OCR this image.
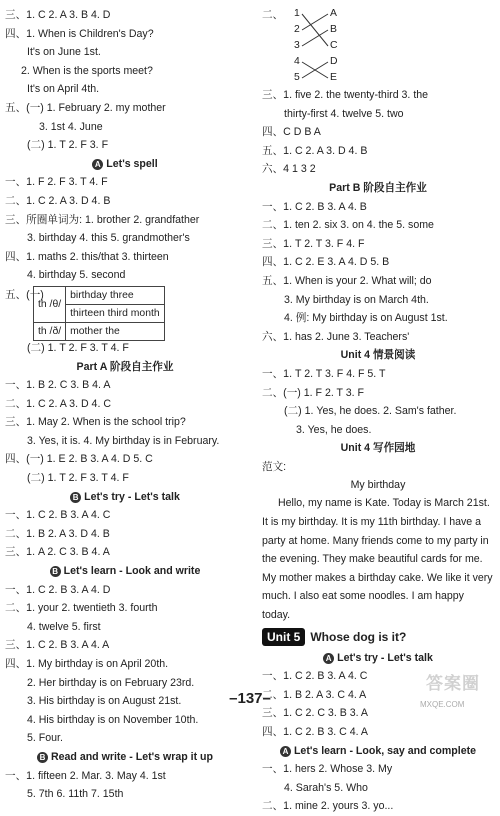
三、1. C 2. A 3. B 4. D
四、1. When is Children's Day?
It's on June 1st.
2. When is the sports meet?
It's on April 4th.
五、(一) 1. February 2. my mother
3. 1st 4. June
(二) 1. T 2. F 3. F
A Let's spell
一、1. F 2. F 3. T 4. F
二、1. C 2. A 3. D 4. B
三、所圈单词为: 1. brother 2. grandfather
3. birthday 4. this 5. grandmother's
四、1. maths 2. this/that 3. thirteen
4. birthday 5. second
五、(一)
th /θ/	birthday three
	thirteen third month
th /ð/	mother the
(二) 1. T 2. F 3. T 4. F
Part A 阶段自主作业
一、1. B 2. C 3. B 4. A
二、1. C 2. A 3. D 4. C
三、1. May 2. When is the school trip?
3. Yes, it is. 4. My birthday is in February.
四、(一) 1. E 2. B 3. A 4. D 5. C
(二) 1. T 2. F 3. T 4. F
B Let's try - Let's talk
一、1. C 2. B 3. A 4. C
二、1. B 2. A 3. D 4. B
三、1. A 2. C 3. B 4. A
B Let's learn - Look and write
一、1. C 2. B 3. A 4. D
二、1. your 2. twentieth 3. fourth
4. twelve 5. first
三、1. C 2. B 3. A 4. A
四、1. My birthday is on April 20th.
2. Her birthday is on February 23rd.
3. His birthday is on August 21st.
4. His birthday is on November 10th.
5. Four.
B Read and write - Let's wrap it up
一、1. fifteen 2. Mar. 3. May 4. 1st
5. 7th 6. 11th 7. 15th
二、 1
2
3
4
5
A
B
C
D
E
三、1. five 2. the twenty-third 3. the
thirty-first 4. twelve 5. two
四、C D B A
五、1. C 2. A 3. D 4. B
六、4 1 3 2
Part B 阶段自主作业
一、1. C 2. B 3. A 4. B
二、1. ten 2. six 3. on 4. the 5. some
三、1. T 2. T 3. F 4. F
四、1. C 2. E 3. A 4. D 5. B
五、1. When is your 2. What will; do
3. My birthday is on March 4th.
4. 例: My birthday is on August 1st.
六、1. has 2. June 3. Teachers'
Unit 4 情景阅读
一、1. T 2. T 3. F 4. F 5. T
二、(一) 1. F 2. T 3. F
(二) 1. Yes, he does. 2. Sam's father.
3. Yes, he does.
Unit 4 写作园地
范文:
My birthday
Hello, my name is Kate. Today is March 21st. It is my birthday. It is my 11th birthday. I have a party at home. Many friends come to my party in the evening. They make beautiful cards for me. My mother makes a birthday cake. We like it very much. I also eat some noodles. I am happy today.
Unit 5 Whose dog is it?
A Let's try - Let's talk
一、1. C 2. B 3. A 4. C
二、1. B 2. A 3. C 4. A
三、1. C 2. C 3. B 3. A
四、1. C 2. B 3. C 4. A
A Let's learn - Look, say and complete
一、1. hers 2. Whose 3. My
4. Sarah's 5. Who
二、1. mine 2. yours 3. yo...
–137–
答案圈
MXQE.COM
